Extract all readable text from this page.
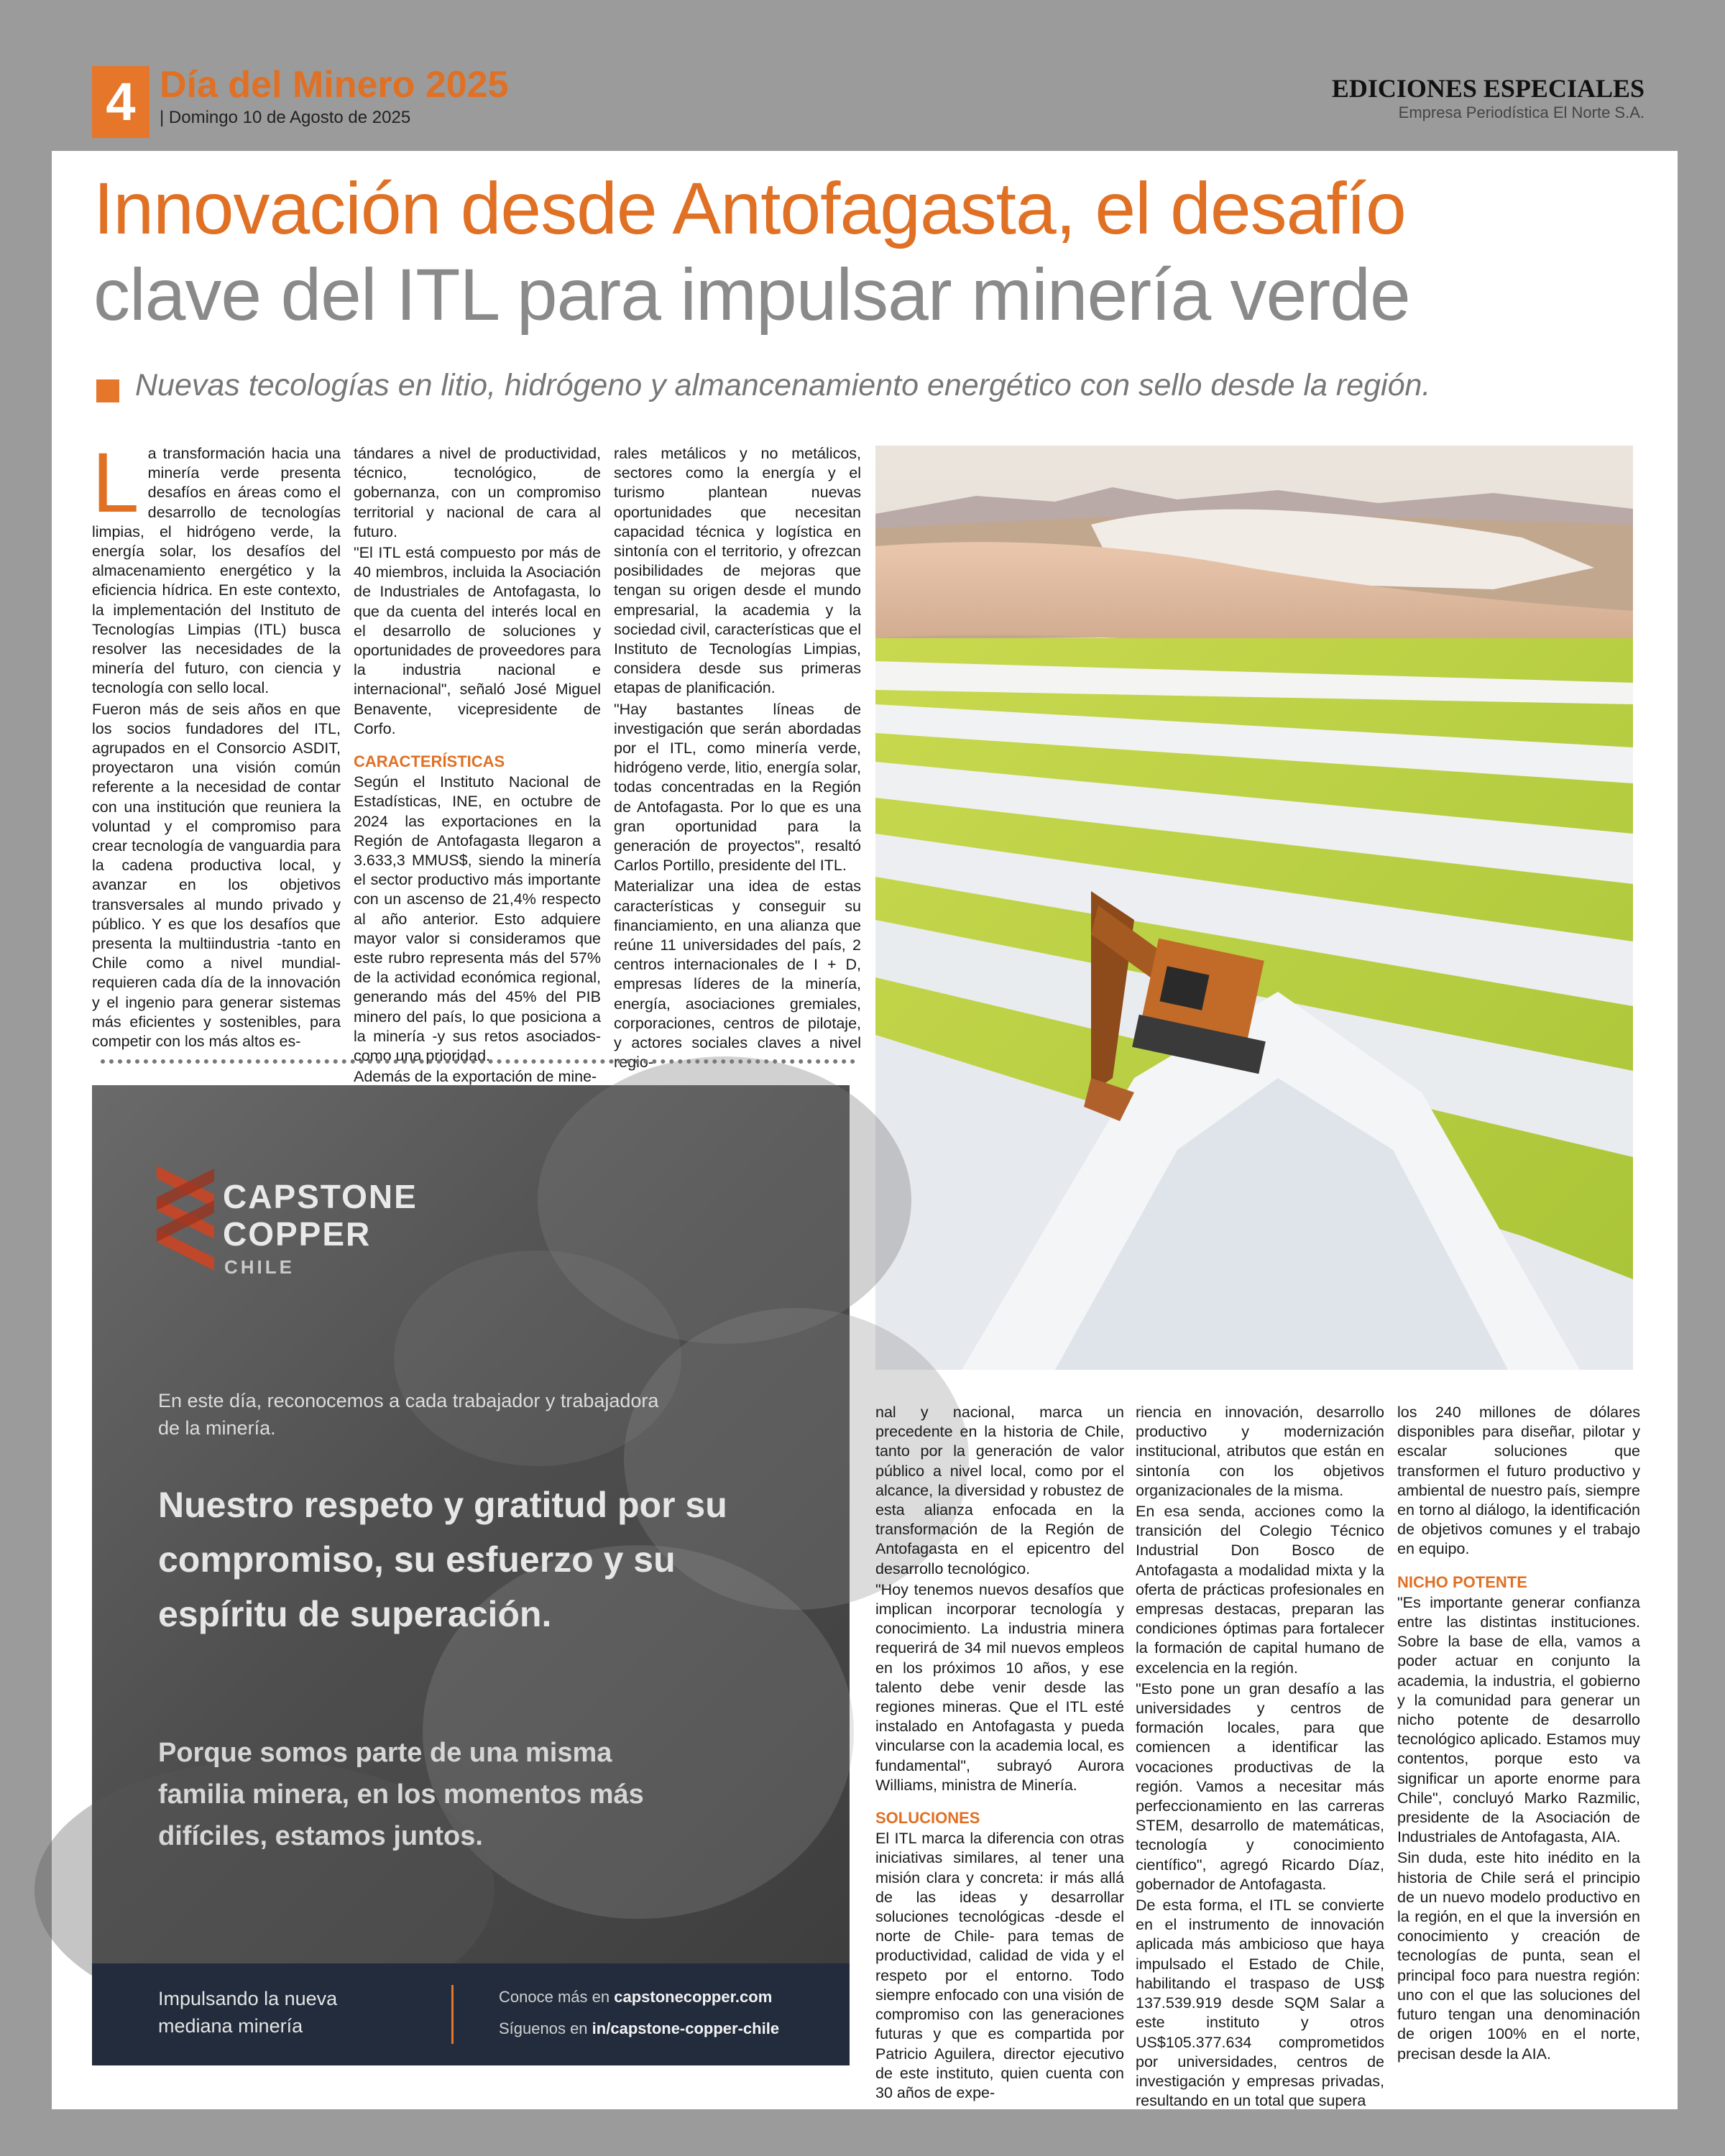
4 Día del Minero 2025
| Domingo 10 de Agosto de 2025
EDICIONES ESPECIALES
Empresa Periodística El Norte S.A.
Innovación desde Antofagasta, el desafío
clave del ITL para impulsar minería verde
Nuevas tecologías en litio, hidrógeno y almancenamiento energético con sello desde la región.
L a transformación hacia una minería verde presenta desafíos en áreas como el desarrollo de tecnologías limpias, el hidrógeno verde, la energía solar, los desafíos del almacenamiento energético y la eficiencia hídrica. En este contexto, la implementación del Instituto de Tecnologías Limpias (ITL) busca resolver las necesidades de la minería del futuro, con ciencia y tecnología con sello local.

Fueron más de seis años en que los socios fundadores del ITL, agrupados en el Consorcio ASDIT, proyectaron una visión común referente a la necesidad de contar con una institución que reuniera la voluntad y el compromiso para crear tecnología de vanguardia para la cadena productiva local, y avanzar en los objetivos transversales al mundo privado y público. Y es que los desafíos que presenta la multiindustria -tanto en Chile como a nivel mundial- requieren cada día de la innovación y el ingenio para generar sistemas más eficientes y sostenibles, para competir con los más altos es-

tándares a nivel de productividad, técnico, tecnológico, de gobernanza, con un compromiso territorial y nacional de cara al futuro.

"El ITL está compuesto por más de 40 miembros, incluida la Asociación de Industriales de Antofagasta, lo que da cuenta del interés local en el desarrollo de soluciones y oportunidades de proveedores para la industria nacional e internacional", señaló José Miguel Benavente, vicepresidente de Corfo.

CARACTERÍSTICAS

Según el Instituto Nacional de Estadísticas, INE, en octubre de 2024 las exportaciones en la Región de Antofagasta llegaron a 3.633,3 MMUS$, siendo la minería el sector productivo más importante con un ascenso de 21,4% respecto al año anterior. Esto adquiere mayor valor si consideramos que este rubro representa más del 57% de la actividad económica regional, generando más del 45% del PIB minero del país, lo que posiciona a la minería -y sus retos asociados- como una prioridad.

Además de la exportación de mine-

rales metálicos y no metálicos, sectores como la energía y el turismo plantean nuevas oportunidades que necesitan capacidad técnica y logística en sintonía con el territorio, y ofrezcan posibilidades de mejoras que tengan su origen desde el mundo empresarial, la academia y la sociedad civil, características que el Instituto de Tecnologías Limpias, considera desde sus primeras etapas de planificación.

"Hay bastantes líneas de investigación que serán abordadas por el ITL, como minería verde, hidrógeno verde, litio, energía solar, todas concentradas en la Región de Antofagasta. Por lo que es una gran oportunidad para la generación de proyectos", resaltó Carlos Portillo, presidente del ITL.

Materializar una idea de estas características y conseguir su financiamiento, en una alianza que reúne 11 universidades del país, 2 centros internacionales de I + D, empresas líderes de la minería, energía, asociaciones gremiales, corporaciones, centros de pilotaje, y actores sociales claves a nivel regio-

CAPSTONE
COPPER
CHILE
En este día, reconocemos a cada trabajador y trabajadora de la minería.
Nuestro respeto y gratitud por su compromiso, su esfuerzo y su espíritu de superación.
Porque somos parte de una misma familia minera, en los momentos más difíciles, estamos juntos.
Impulsando la nueva mediana minería
Conoce más en capstonecopper.com
Síguenos en in/capstone-copper-chile

nal y nacional, marca un precedente en la historia de Chile, tanto por la generación de valor público a nivel local, como por el alcance, la diversidad y robustez de esta alianza enfocada en la transformación de la Región de Antofagasta en el epicentro del desarrollo tecnológico.

"Hoy tenemos nuevos desafíos que implican incorporar tecnología y conocimiento. La industria minera requerirá de 34 mil nuevos empleos en los próximos 10 años, y ese talento debe venir desde las regiones mineras. Que el ITL esté instalado en Antofagasta y pueda vincularse con la academia local, es fundamental", subrayó Aurora Williams, ministra de Minería.

SOLUCIONES

El ITL marca la diferencia con otras iniciativas similares, al tener una misión clara y concreta: ir más allá de las ideas y desarrollar soluciones tecnológicas -desde el norte de Chile- para temas de productividad, calidad de vida y el respeto por el entorno. Todo siempre enfocado con una visión de compromiso con las generaciones futuras y que es compartida por Patricio Aguilera, director ejecutivo de este instituto, quien cuenta con 30 años de expe-

riencia en innovación, desarrollo productivo y modernización institucional, atributos que están en sintonía con los objetivos organizacionales de la misma.

En esa senda, acciones como la transición del Colegio Técnico Industrial Don Bosco de Antofagasta a modalidad mixta y la oferta de prácticas profesionales en empresas destacas, preparan las condiciones óptimas para fortalecer la formación de capital humano de excelencia en la región.

"Esto pone un gran desafío a las universidades y centros de formación locales, para que comiencen a identificar las vocaciones productivas de la región. Vamos a necesitar más perfeccionamiento en las carreras STEM, desarrollo de matemáticas, tecnología y conocimiento científico", agregó Ricardo Díaz, gobernador de Antofagasta.

De esta forma, el ITL se convierte en el instrumento de innovación aplicada más ambicioso que haya impulsado el Estado de Chile, habilitando el traspaso de US$ 137.539.919 desde SQM Salar a este instituto y otros US$105.377.634 comprometidos por universidades, centros de investigación y empresas privadas, resultando en un total que supera

los 240 millones de dólares disponibles para diseñar, pilotar y escalar soluciones que transformen el futuro productivo y ambiental de nuestro país, siempre en torno al diálogo, la identificación de objetivos comunes y el trabajo en equipo.

NICHO POTENTE

"Es importante generar confianza entre las distintas instituciones. Sobre la base de ella, vamos a poder actuar en conjunto la academia, la industria, el gobierno y la comunidad para generar un nicho potente de desarrollo tecnológico aplicado. Estamos muy contentos, porque esto va significar un aporte enorme para Chile", concluyó Marko Razmilic, presidente de la Asociación de Industriales de Antofagasta, AIA.

Sin duda, este hito inédito en la historia de Chile será el principio de un nuevo modelo productivo en la región, en el que la inversión en conocimiento y creación de tecnologías de punta, sean el principal foco para nuestra región: uno con el que las soluciones del futuro tengan una denominación de origen 100% en el norte, precisan desde la AIA.
